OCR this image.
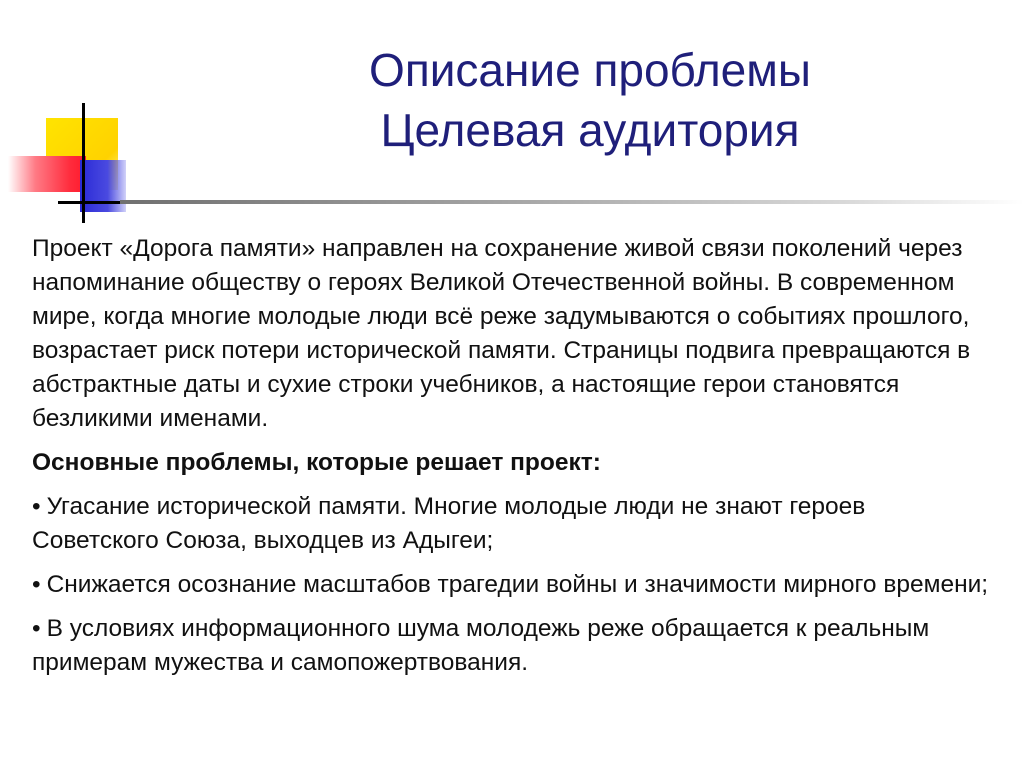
Описание проблемы
Целевая аудитория

Проект «Дорога памяти» направлен на сохранение живой связи поколений через напоминание обществу о героях Великой Отечественной войны. В современном мире, когда многие молодые люди всё реже задумываются о событиях прошлого, возрастает риск потери исторической памяти. Страницы подвига превращаются в абстрактные даты и сухие строки учебников, а настоящие герои становятся безликими именами.

Основные проблемы, которые решает проект:

• Угасание исторической памяти. Многие молодые люди не знают героев Советского Союза, выходцев из Адыгеи;

• Снижается осознание масштабов трагедии войны и значимости мирного времени;

• В условиях информационного шума молодежь реже обращается к реальным примерам мужества и самопожертвования.
